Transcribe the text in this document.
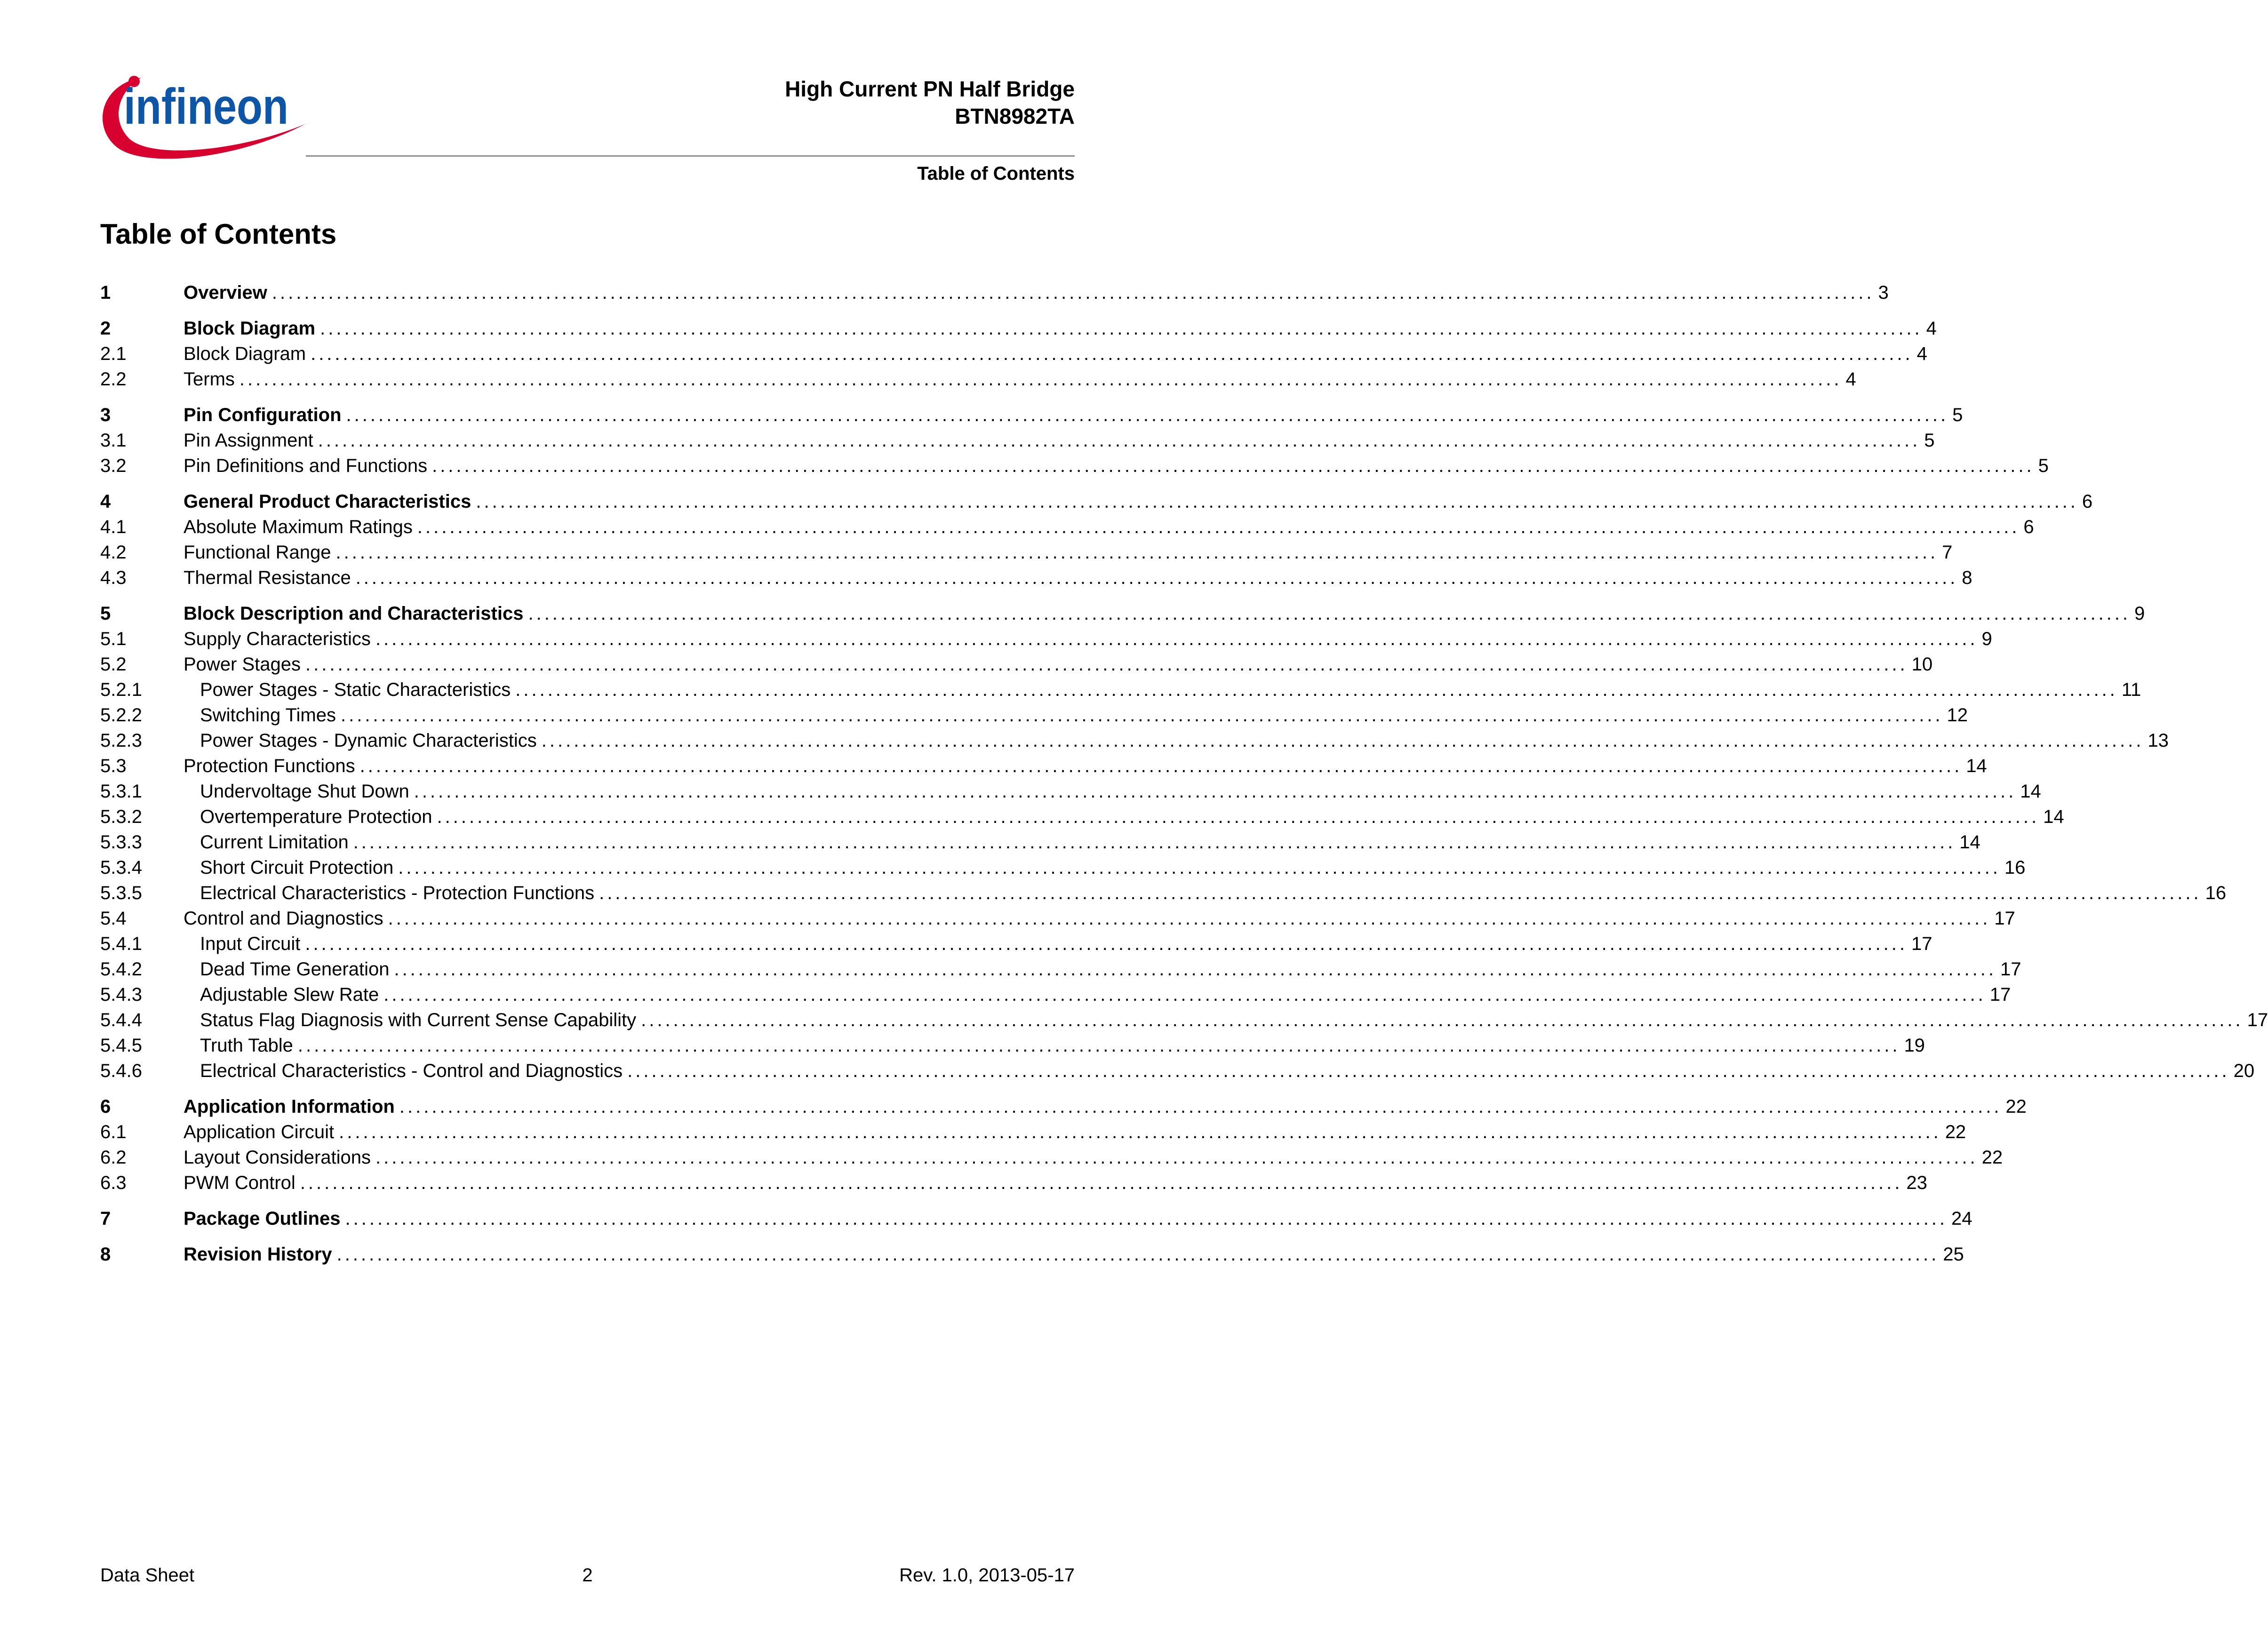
infineon	High Current PN Half Bridge
BTN8982TA
Table of Contents
Table of Contents
1	Overview ....................................................................................................................................................................................................... 3
2	Block Diagram ....................................................................................................................................................................................................... 4
2.1	Block Diagram ....................................................................................................................................................................................................... 4
2.2	Terms ....................................................................................................................................................................................................... 4
3	Pin Configuration ....................................................................................................................................................................................................... 5
3.1	Pin Assignment ....................................................................................................................................................................................................... 5
3.2	Pin Definitions and Functions ....................................................................................................................................................................................................... 5
4	General Product Characteristics ....................................................................................................................................................................................................... 6
4.1	Absolute Maximum Ratings ....................................................................................................................................................................................................... 6
4.2	Functional Range ....................................................................................................................................................................................................... 7
4.3	Thermal Resistance ....................................................................................................................................................................................................... 8
5	Block Description and Characteristics ....................................................................................................................................................................................................... 9
5.1	Supply Characteristics ....................................................................................................................................................................................................... 9
5.2	Power Stages ....................................................................................................................................................................................................... 10
5.2.1	Power Stages - Static Characteristics ....................................................................................................................................................................................................... 11
5.2.2	Switching Times ....................................................................................................................................................................................................... 12
5.2.3	Power Stages - Dynamic Characteristics ....................................................................................................................................................................................................... 13
5.3	Protection Functions ....................................................................................................................................................................................................... 14
5.3.1	Undervoltage Shut Down ....................................................................................................................................................................................................... 14
5.3.2	Overtemperature Protection ....................................................................................................................................................................................................... 14
5.3.3	Current Limitation ....................................................................................................................................................................................................... 14
5.3.4	Short Circuit Protection ....................................................................................................................................................................................................... 16
5.3.5	Electrical Characteristics - Protection Functions ....................................................................................................................................................................................................... 16
5.4	Control and Diagnostics ....................................................................................................................................................................................................... 17
5.4.1	Input Circuit ....................................................................................................................................................................................................... 17
5.4.2	Dead Time Generation ....................................................................................................................................................................................................... 17
5.4.3	Adjustable Slew Rate ....................................................................................................................................................................................................... 17
5.4.4	Status Flag Diagnosis with Current Sense Capability ....................................................................................................................................................................................................... 17
5.4.5	Truth Table ....................................................................................................................................................................................................... 19
5.4.6	Electrical Characteristics - Control and Diagnostics ....................................................................................................................................................................................................... 20
6	Application Information ....................................................................................................................................................................................................... 22
6.1	Application Circuit ....................................................................................................................................................................................................... 22
6.2	Layout Considerations ....................................................................................................................................................................................................... 22
6.3	PWM Control ....................................................................................................................................................................................................... 23
7	Package Outlines ....................................................................................................................................................................................................... 24
8	Revision History ....................................................................................................................................................................................................... 25
Data Sheet	2	Rev. 1.0, 2013-05-17
